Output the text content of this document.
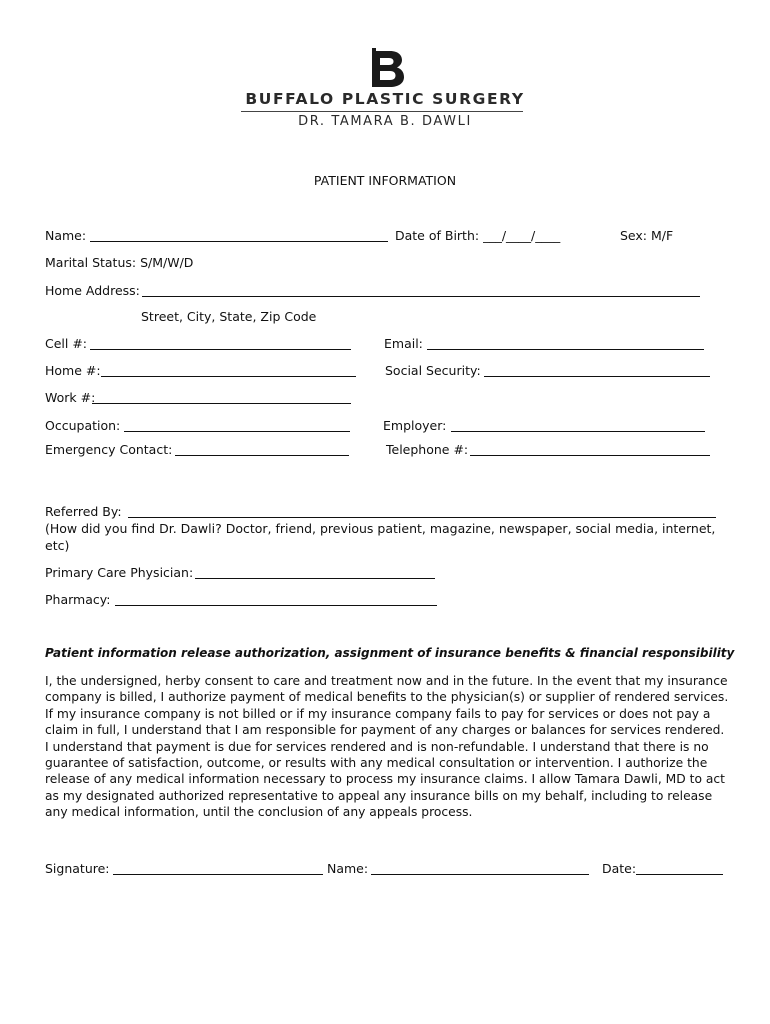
BUFFALO PLASTIC SURGERY
DR. TAMARA B. DAWLI
PATIENT INFORMATION
Name:	Date of Birth: ___/____/____	Sex: M/F
Marital Status: S/M/W/D
Home Address:
Street, City, State, Zip Code
Cell #:	Email:
Home #:	Social Security:
Work #:
Occupation:	Employer:
Emergency Contact:	Telephone #:
Referred By:
(How did you find Dr. Dawli? Doctor, friend, previous patient, magazine, newspaper, social media, internet, etc)
Primary Care Physician:
Pharmacy:
Patient information release authorization, assignment of insurance benefits & financial responsibility
I, the undersigned, herby consent to care and treatment now and in the future. In the event that my insurance company is billed, I authorize payment of medical benefits to the physician(s) or supplier of rendered services. If my insurance company is not billed or if my insurance company fails to pay for services or does not pay a claim in full, I understand that I am responsible for payment of any charges or balances for services rendered. I understand that payment is due for services rendered and is non-refundable. I understand that there is no guarantee of satisfaction, outcome, or results with any medical consultation or intervention. I authorize the release of any medical information necessary to process my insurance claims. I allow Tamara Dawli, MD to act as my designated authorized representative to appeal any insurance bills on my behalf, including to release any medical information, until the conclusion of any appeals process.
Signature:	Name:	Date:
